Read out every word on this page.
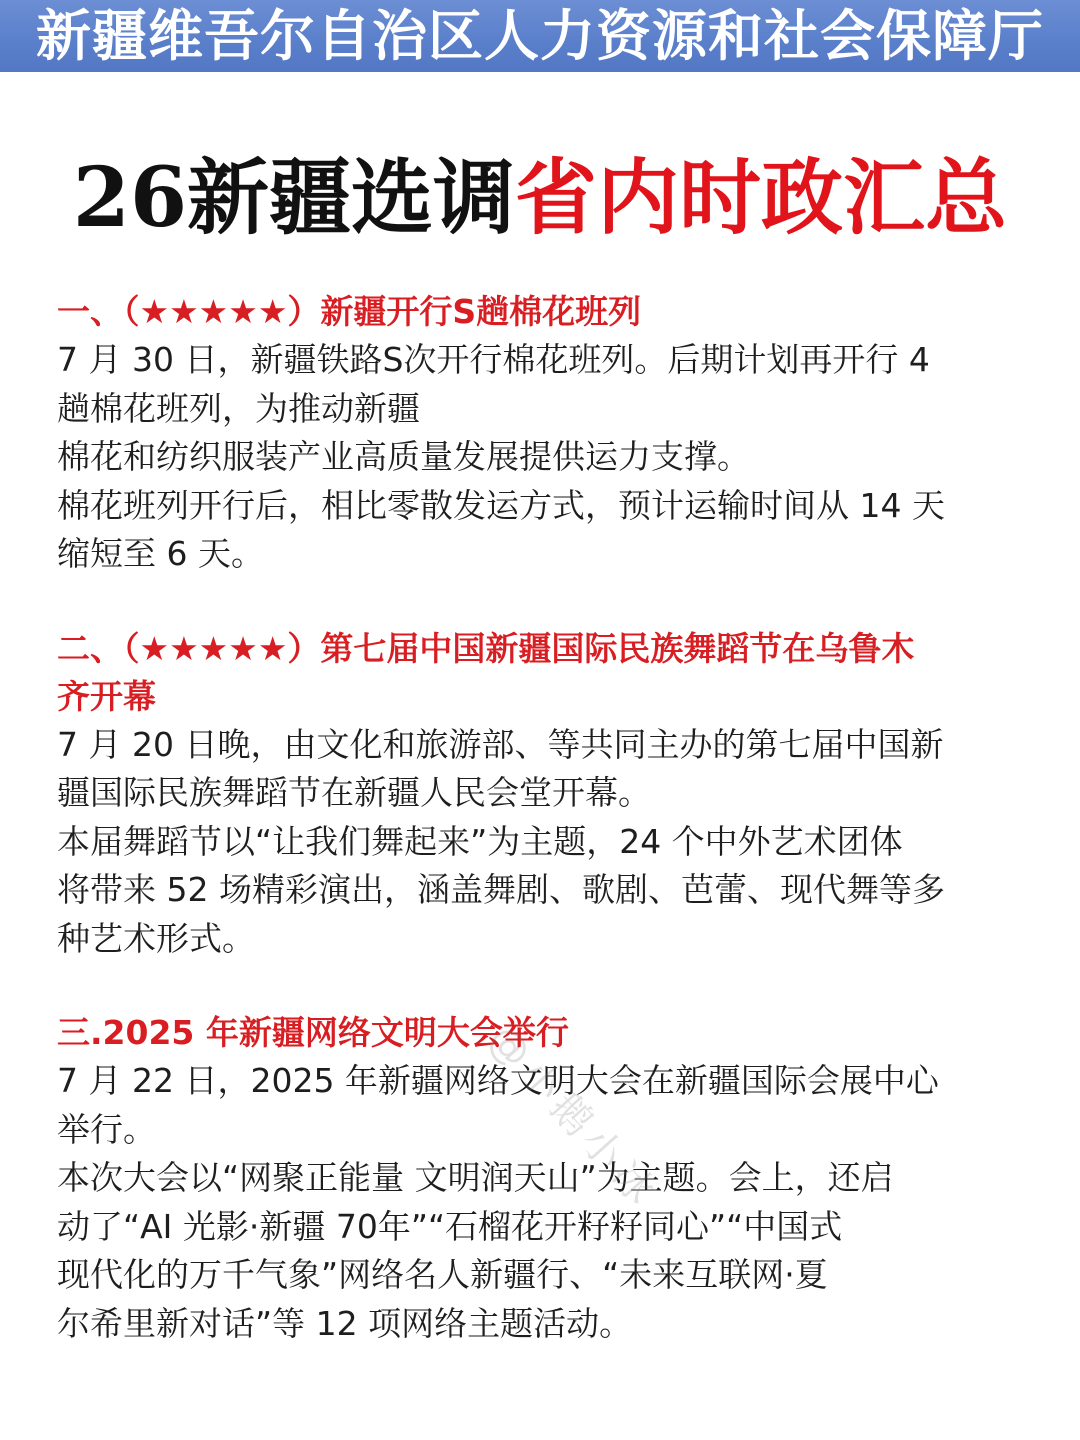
新疆维吾尔自治区人力资源和社会保障厅
26新疆选调省内时政汇总

一、（★★★★★）新疆开行S趟棉花班列

7 月 30 日，新疆铁路S次开行棉花班列。后期计划再开行 4

趟棉花班列，为推动新疆

棉花和纺织服装产业高质量发展提供运力支撑。

棉花班列开行后，相比零散发运方式，预计运输时间从 14 天

缩短至 6 天。

二、（★★★★★）第七届中国新疆国际民族舞蹈节在乌鲁木

齐开幕

7 月 20 日晚，由文化和旅游部、等共同主办的第七届中国新

疆国际民族舞蹈节在新疆人民会堂开幕。

本届舞蹈节以“让我们舞起来”为主题，24 个中外艺术团体

将带来 52 场精彩演出，涵盖舞剧、歌剧、芭蕾、现代舞等多

种艺术形式。

三.2025 年新疆网络文明大会举行

7 月 22 日，2025 年新疆网络文明大会在新疆国际会展中心

举行。

本次大会以“网聚正能量 文明润天山”为主题。会上，还启

动了“AI 光影·新疆 70年”“石榴花开籽籽同心”“中国式

现代化的万千气象”网络名人新疆行、“未来互联网·夏

尔希里新对话”等 12 项网络主题活动。

@小鹅小冰
